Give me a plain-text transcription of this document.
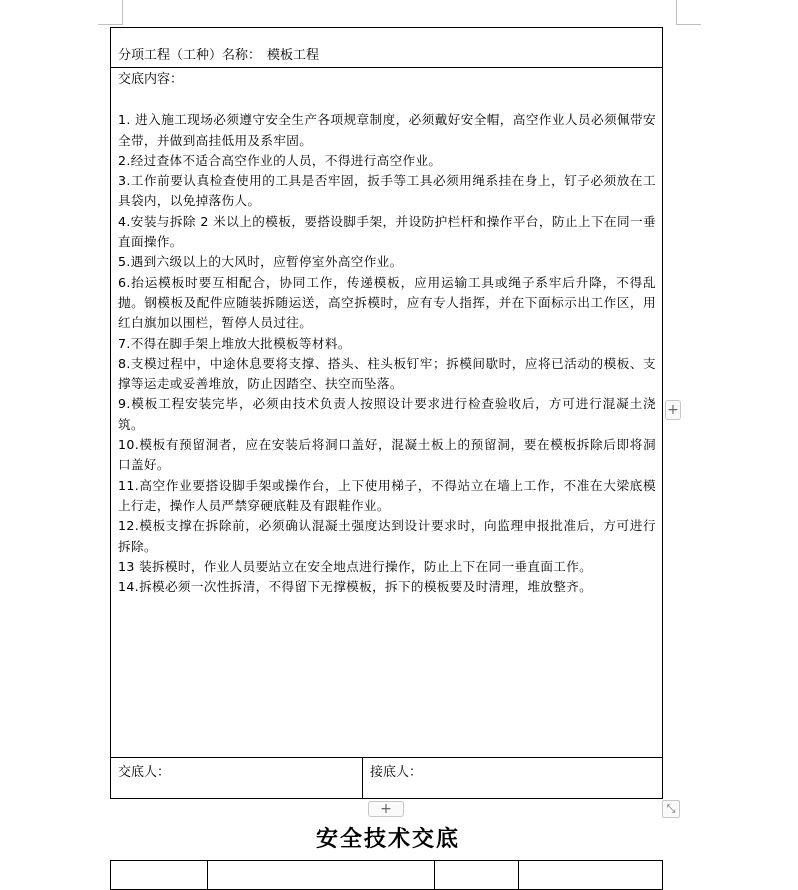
分项工程（工种）名称： 模板工程

交底内容：

1. 进入施工现场必须遵守安全生产各项规章制度，必须戴好安全帽，高空作业人员必须佩带安全带，并做到高挂低用及系牢固。

2.经过查体不适合高空作业的人员，不得进行高空作业。

3.工作前要认真检查使用的工具是否牢固，扳手等工具必须用绳系挂在身上，钉子必须放在工具袋内，以免掉落伤人。

4.安装与拆除 2 米以上的模板，要搭设脚手架，并设防护栏杆和操作平台，防止上下在同一垂直面操作。

5.遇到六级以上的大风时，应暂停室外高空作业。

6.抬运模板时要互相配合，协同工作，传递模板，应用运输工具或绳子系牢后升降，不得乱抛。钢模板及配件应随装拆随运送，高空拆模时，应有专人指挥，并在下面标示出工作区，用红白旗加以围栏，暂停人员过往。

7.不得在脚手架上堆放大批模板等材料。

8.支模过程中，中途休息要将支撑、搭头、柱头板钉牢；拆模间歇时，应将已活动的模板、支撑等运走或妥善堆放，防止因踏空、扶空而坠落。

9.模板工程安装完毕，必须由技术负责人按照设计要求进行检查验收后，方可进行混凝土浇筑。

10.模板有预留洞者，应在安装后将洞口盖好，混凝土板上的预留洞，要在模板拆除后即将洞口盖好。

11.高空作业要搭设脚手架或操作台，上下使用梯子，不得站立在墙上工作，不准在大梁底模上行走，操作人员严禁穿硬底鞋及有跟鞋作业。

12.模板支撑在拆除前，必须确认混凝土强度达到设计要求时，向监理申报批准后，方可进行拆除。

13 装拆模时，作业人员要站立在安全地点进行操作，防止上下在同一垂直面工作。

14.拆模必须一次性拆清，不得留下无撑模板，拆下的模板要及时清理，堆放整齐。

交底人：	接底人：
+
+	⤡
安全技术交底
